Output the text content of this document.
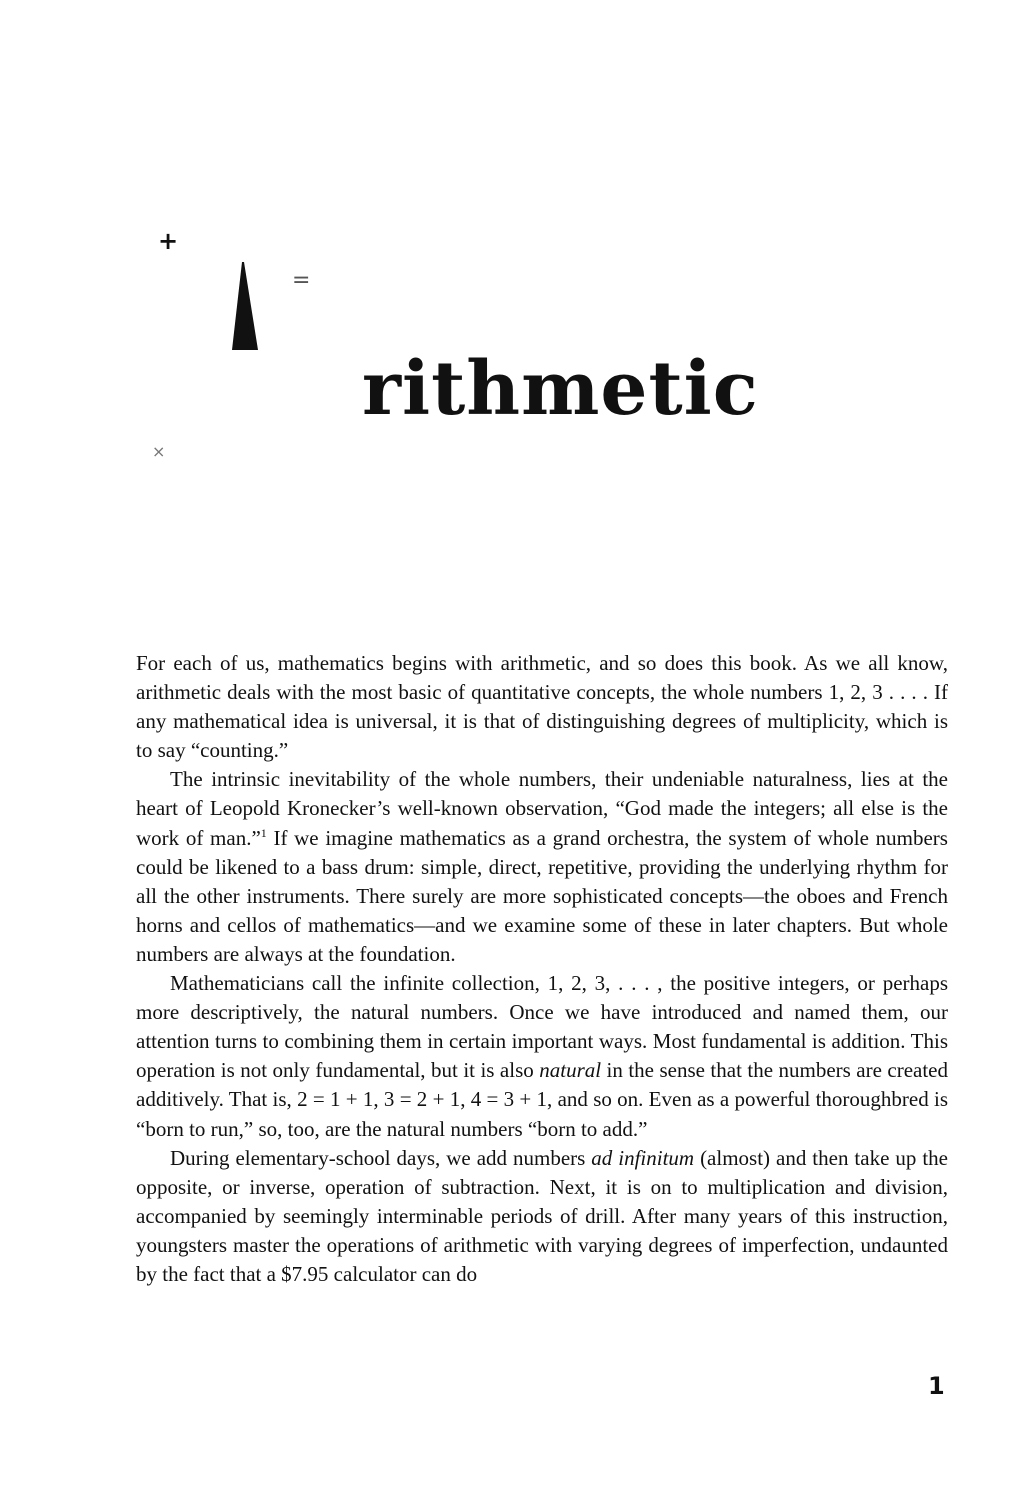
+
=
×
rithmetic

For each of us, mathematics begins with arithmetic, and so does this book. As we all know, arithmetic deals with the most basic of quantitative concepts, the whole numbers 1, 2, 3 . . . . If any mathematical idea is universal, it is that of distinguishing degrees of multiplicity, which is to say “counting.”

The intrinsic inevitability of the whole numbers, their undeniable naturalness, lies at the heart of Leopold Kronecker’s well-known observation, “God made the integers; all else is the work of man.”$^1$ If we imagine mathematics as a grand orchestra, the system of whole numbers could be likened to a bass drum: simple, direct, repetitive, providing the underlying rhythm for all the other instruments. There surely are more sophisticated concepts—the oboes and French horns and cellos of mathematics—and we examine some of these in later chapters. But whole numbers are always at the foundation.

Mathematicians call the infinite collection, 1, 2, 3, . . . , the positive integers, or perhaps more descriptively, the natural numbers. Once we have introduced and named them, our attention turns to combining them in certain important ways. Most fundamental is addition. This operation is not only fundamental, but it is also natural in the sense that the numbers are created additively. That is, 2 = 1 + 1, 3 = 2 + 1, 4 = 3 + 1, and so on. Even as a powerful thoroughbred is “born to run,” so, too, are the natural numbers “born to add.”

During elementary-school days, we add numbers ad infinitum (almost) and then take up the opposite, or inverse, operation of subtraction. Next, it is on to multiplication and division, accompanied by seemingly interminable periods of drill. After many years of this instruction, youngsters master the operations of arithmetic with varying degrees of imperfection, undaunted by the fact that a $7.95 calculator can do

1
